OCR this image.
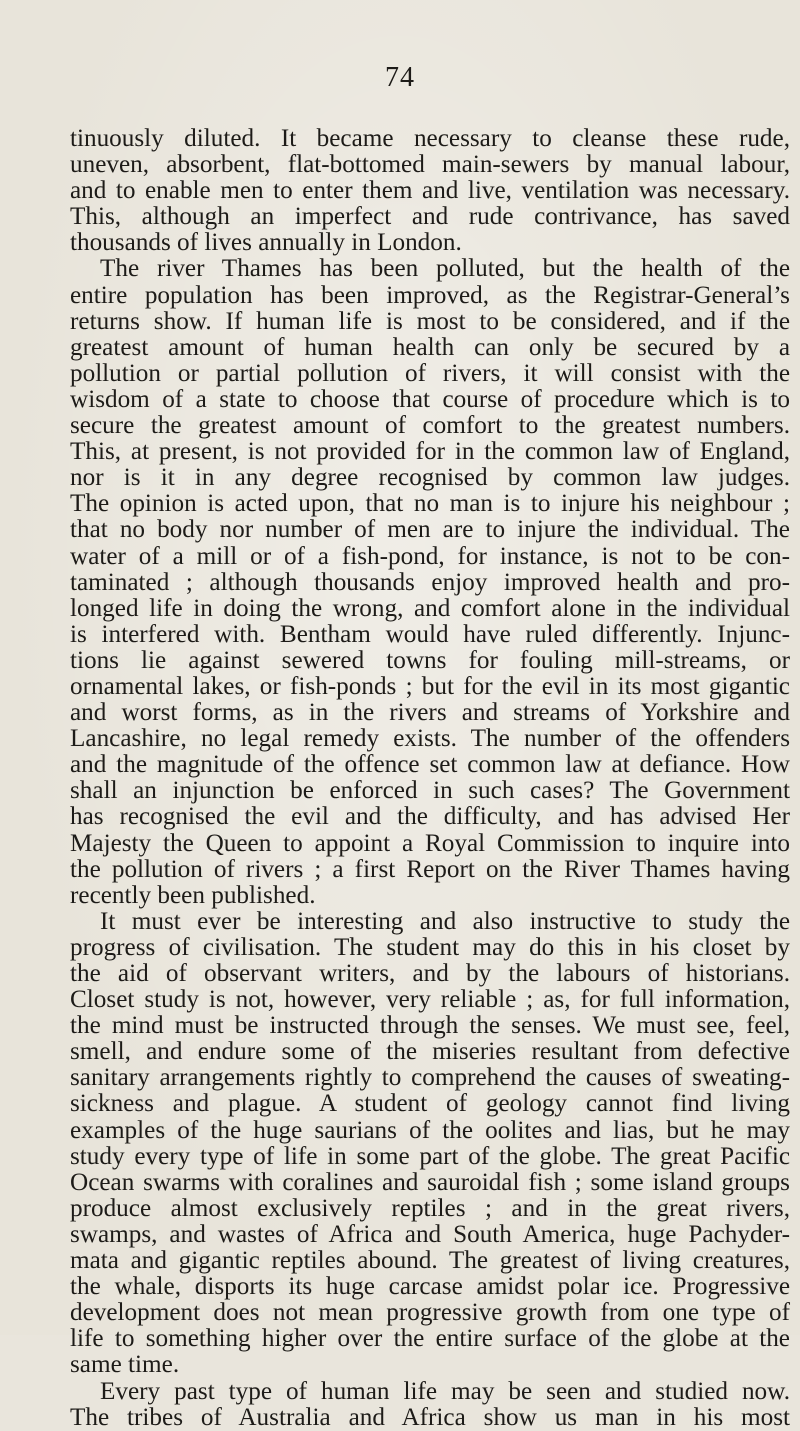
74
tinuously diluted. It became necessary to cleanse these rude,
uneven, absorbent, flat-bottomed main-sewers by manual labour,
and to enable men to enter them and live, ventilation was necessary.
This, although an imperfect and rude contrivance, has saved
thousands of lives annually in London.
The river Thames has been polluted, but the health of the
entire population has been improved, as the Registrar-General’s
returns show. If human life is most to be considered, and if the
greatest amount of human health can only be secured by a
pollution or partial pollution of rivers, it will consist with the
wisdom of a state to choose that course of procedure which is to
secure the greatest amount of comfort to the greatest numbers.
This, at present, is not provided for in the common law of England,
nor is it in any degree recognised by common law judges.
The opinion is acted upon, that no man is to injure his neighbour ;
that no body nor number of men are to injure the individual. The
water of a mill or of a fish-pond, for instance, is not to be con-
taminated ; although thousands enjoy improved health and pro-
longed life in doing the wrong, and comfort alone in the individual
is interfered with. Bentham would have ruled differently. Injunc-
tions lie against sewered towns for fouling mill-streams, or
ornamental lakes, or fish-ponds ; but for the evil in its most gigantic
and worst forms, as in the rivers and streams of Yorkshire and
Lancashire, no legal remedy exists. The number of the offenders
and the magnitude of the offence set common law at defiance. How
shall an injunction be enforced in such cases? The Government
has recognised the evil and the difficulty, and has advised Her
Majesty the Queen to appoint a Royal Commission to inquire into
the pollution of rivers ; a first Report on the River Thames having
recently been published.
It must ever be interesting and also instructive to study the
progress of civilisation. The student may do this in his closet by
the aid of observant writers, and by the labours of historians.
Closet study is not, however, very reliable ; as, for full information,
the mind must be instructed through the senses. We must see, feel,
smell, and endure some of the miseries resultant from defective
sanitary arrangements rightly to comprehend the causes of sweating-
sickness and plague. A student of geology cannot find living
examples of the huge saurians of the oolites and lias, but he may
study every type of life in some part of the globe. The great Pacific
Ocean swarms with coralines and sauroidal fish ; some island groups
produce almost exclusively reptiles ; and in the great rivers,
swamps, and wastes of Africa and South America, huge Pachyder-
mata and gigantic reptiles abound. The greatest of living creatures,
the whale, disports its huge carcase amidst polar ice. Progressive
development does not mean progressive growth from one type of
life to something higher over the entire surface of the globe at the
same time.
Every past type of human life may be seen and studied now.
The tribes of Australia and Africa show us man in his most
